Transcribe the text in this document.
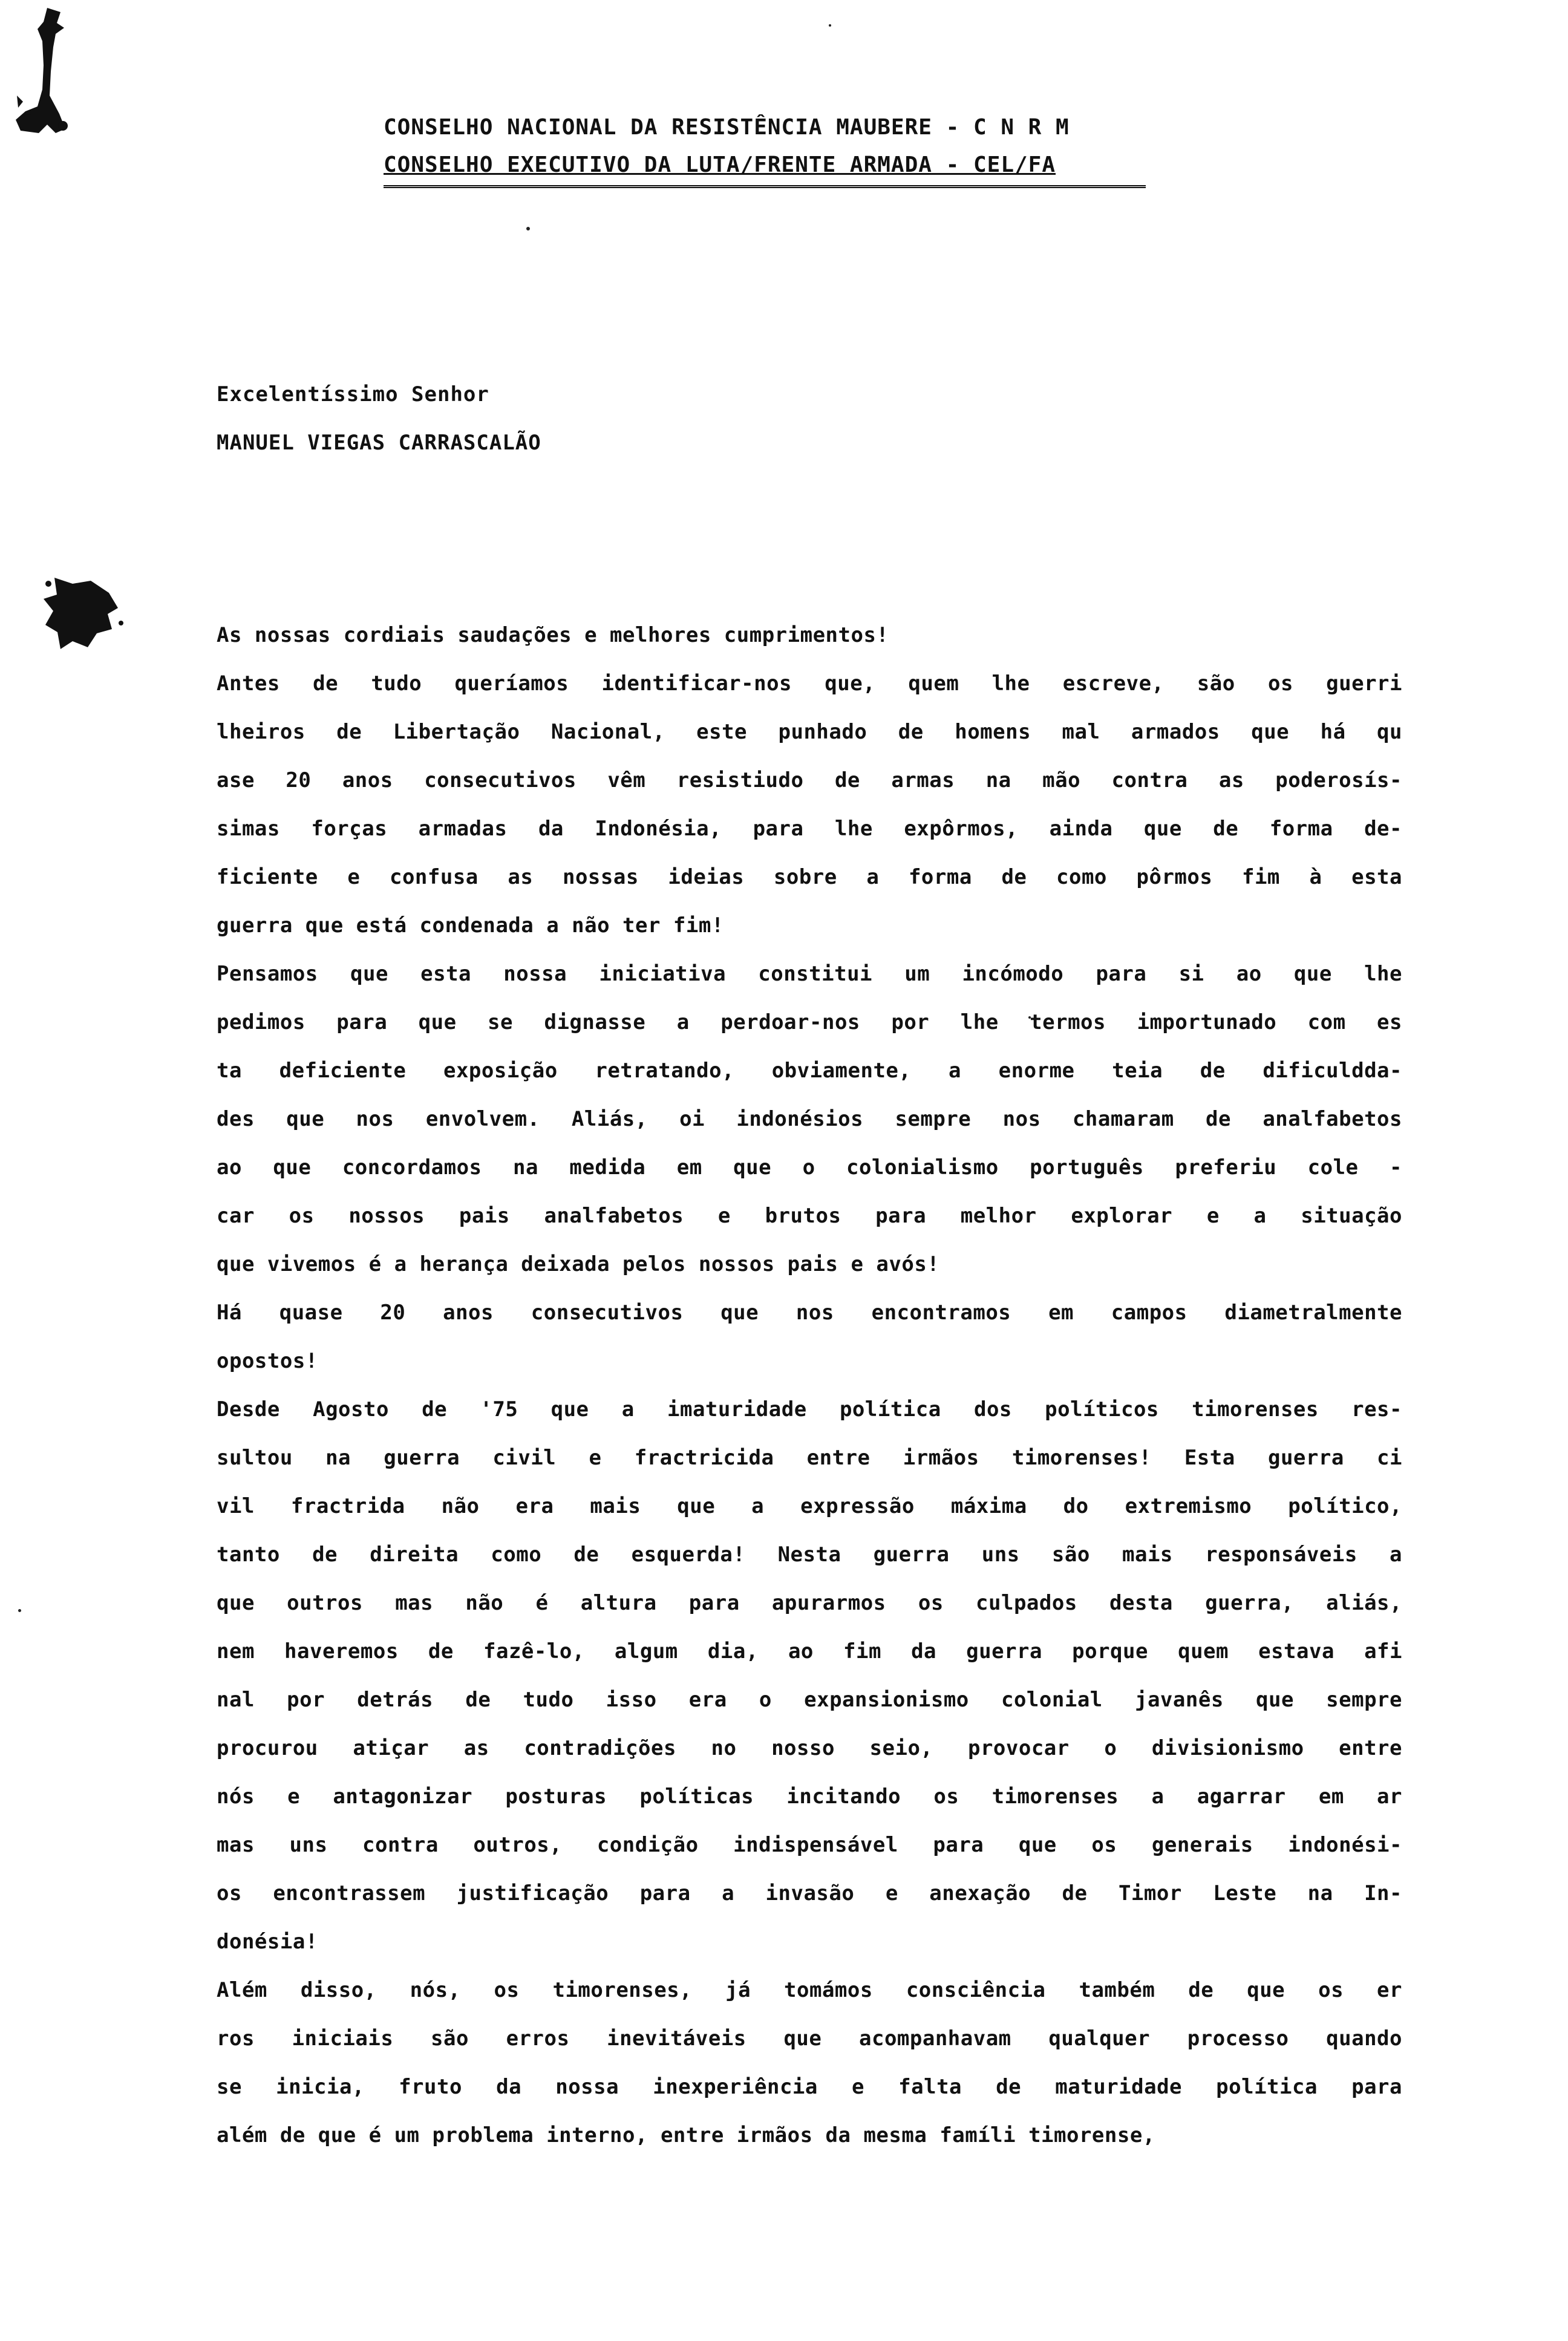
CONSELHO NACIONAL DA RESISTÊNCIA MAUBERE - C N R M
CONSELHO EXECUTIVO DA LUTA/FRENTE ARMADA - CEL/FA
Excelentíssimo Senhor
MANUEL VIEGAS CARRASCALÃO
As nossas cordiais saudações e melhores cumprimentos!
Antes de tudo queríamos identificar-nos que, quem lhe escreve, são os guerri
lheiros de Libertação Nacional, este punhado de homens mal armados que há qu
ase 20 anos consecutivos vêm resistiudo de armas na mão contra as poderosís-
simas forças armadas da Indonésia, para lhe expôrmos, ainda que de forma de-
ficiente e confusa as nossas ideias sobre a forma de como pôrmos fim à esta
guerra que está condenada a não ter fim!
Pensamos que esta nossa iniciativa constitui um incómodo para si ao que lhe
pedimos para que se dignasse a perdoar-nos por lhe termos importunado com es
ta deficiente exposição retratando, obviamente, a enorme teia de dificuldda-
des que nos envolvem. Aliás, oi indonésios sempre nos chamaram de analfabetos
ao que concordamos na medida em que o colonialismo português preferiu cole -
car os nossos pais analfabetos e brutos para melhor explorar e a situação
que vivemos é a herança deixada pelos nossos pais e avós!
Há quase 20 anos consecutivos que nos encontramos em campos diametralmente
opostos!
Desde Agosto de '75 que a imaturidade política dos políticos timorenses res-
sultou na guerra civil e fractricida entre irmãos timorenses! Esta guerra ci
vil fractrida não era mais que a expressão máxima do extremismo político,
tanto de direita como de esquerda! Nesta guerra uns são mais responsáveis a
que outros mas não é altura para apurarmos os culpados desta guerra, aliás,
nem haveremos de fazê-lo, algum dia, ao fim da guerra porque quem estava afi
nal por detrás de tudo isso era o expansionismo colonial javanês que sempre
procurou atiçar as contradições no nosso seio, provocar o divisionismo entre
nós e antagonizar posturas políticas incitando os timorenses a agarrar em ar
mas uns contra outros, condição indispensável para que os generais indonési-
os encontrassem justificação para a invasão e anexação de Timor Leste na In-
donésia!
Além disso, nós, os timorenses, já tomámos consciência também de que os er
ros iniciais são erros inevitáveis que acompanhavam qualquer processo quando
se inicia, fruto da nossa inexperiência e falta de maturidade política para
além de que é um problema interno, entre irmãos da mesma famíli timorense,
